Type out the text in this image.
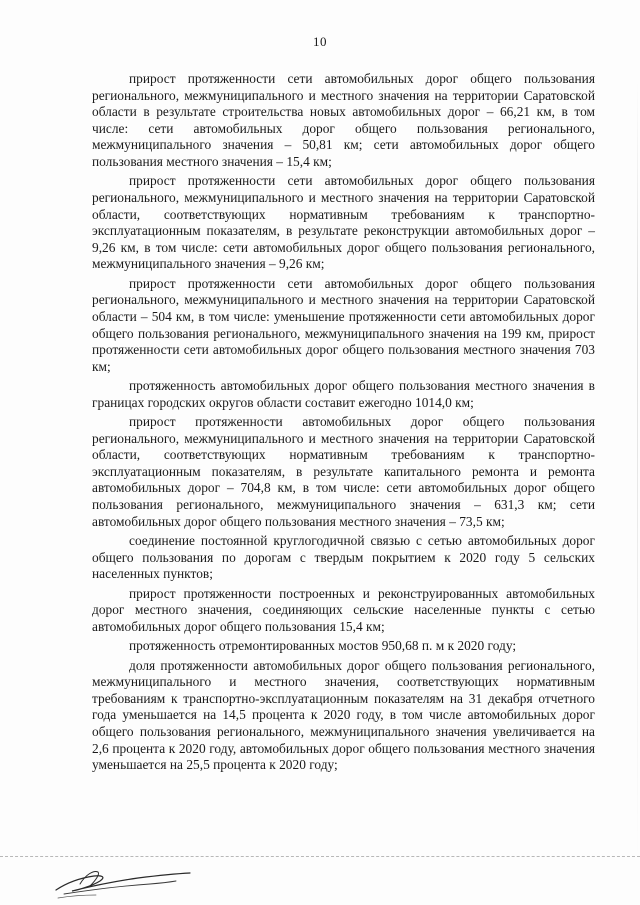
10

прирост протяженности сети автомобильных дорог общего пользования регионального, межмуниципального и местного значения на территории Саратовской области в результате строительства новых автомобильных дорог – 66,21 км, в том числе: сети автомобильных дорог общего пользования регионального, межмуниципального значения – 50,81 км; сети автомобильных дорог общего пользования местного значения – 15,4 км;

прирост протяженности сети автомобильных дорог общего пользования регионального, межмуниципального и местного значения на территории Саратовской области, соответствующих нормативным требованиям к транспортно-эксплуатационным показателям, в результате реконструкции автомобильных дорог – 9,26 км, в том числе: сети автомобильных дорог общего пользования регионального, межмуниципального значения – 9,26 км;

прирост протяженности сети автомобильных дорог общего пользования регионального, межмуниципального и местного значения на территории Саратовской области – 504 км, в том числе: уменьшение протяженности сети автомобильных дорог общего пользования регионального, межмуниципального значения на 199 км, прирост протяженности сети автомобильных дорог общего пользования местного значения 703 км;

протяженность автомобильных дорог общего пользования местного значения в границах городских округов области составит ежегодно 1014,0 км;

прирост протяженности автомобильных дорог общего пользования регионального, межмуниципального и местного значения на территории Саратовской области, соответствующих нормативным требованиям к транспортно-эксплуатационным показателям, в результате капитального ремонта и ремонта автомобильных дорог – 704,8 км, в том числе: сети автомобильных дорог общего пользования регионального, межмуниципального значения – 631,3 км; сети автомобильных дорог общего пользования местного значения – 73,5 км;

соединение постоянной круглогодичной связью с сетью автомобильных дорог общего пользования по дорогам с твердым покрытием к 2020 году 5 сельских населенных пунктов;

прирост протяженности построенных и реконструированных автомобильных дорог местного значения, соединяющих сельские населенные пункты с сетью автомобильных дорог общего пользования 15,4 км;

протяженность отремонтированных мостов 950,68 п. м к 2020 году;

доля протяженности автомобильных дорог общего пользования регионального, межмуниципального и местного значения, соответствующих нормативным требованиям к транспортно-эксплуатационным показателям на 31 декабря отчетного года уменьшается на 14,5 процента к 2020 году, в том числе автомобильных дорог общего пользования регионального, межмуниципального значения увеличивается на 2,6 процента к 2020 году, автомобильных дорог общего пользования местного значения уменьшается на 25,5 процента к 2020 году;
